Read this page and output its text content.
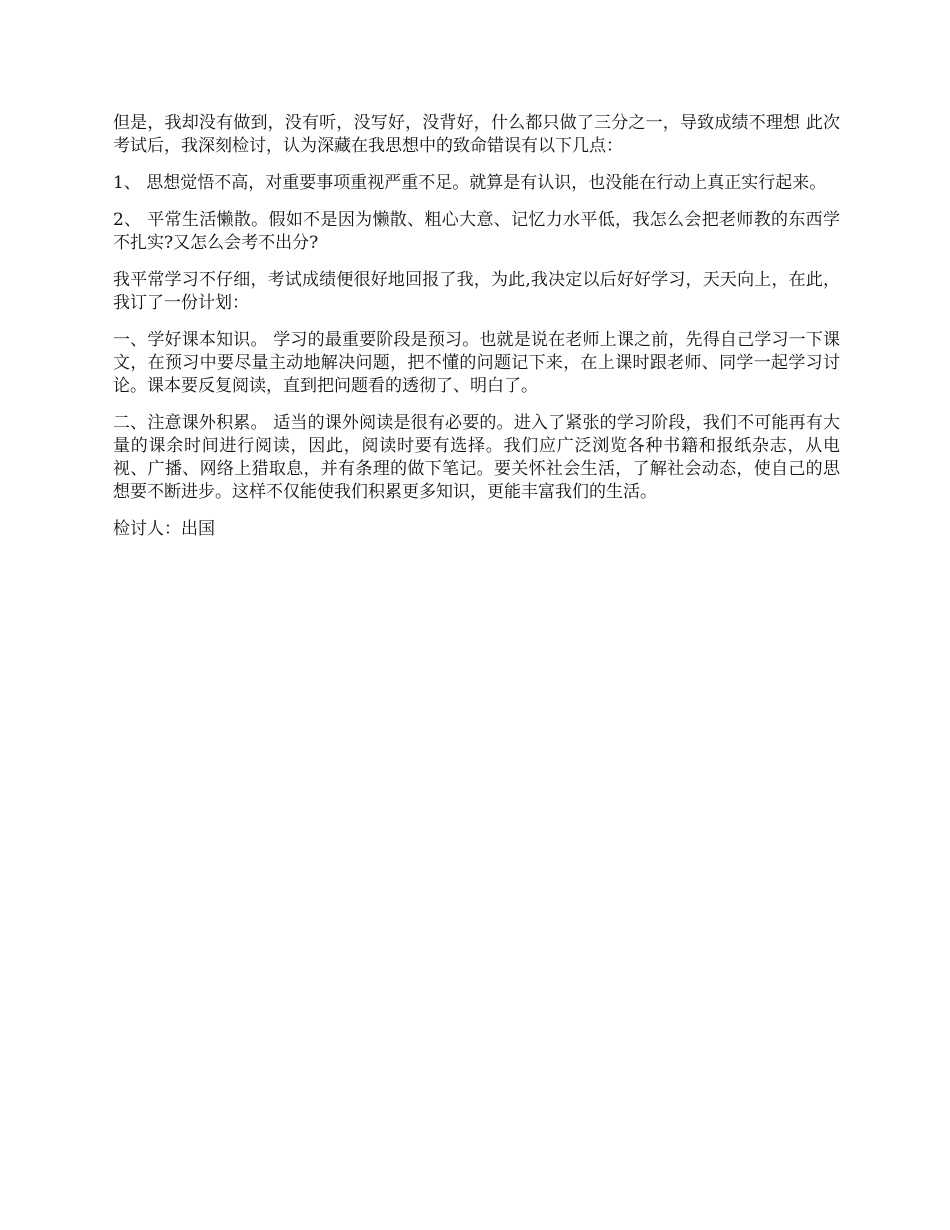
但是，我却没有做到，没有听，没写好，没背好，什么都只做了三分之一，导致成绩不理想 此次考试后，我深刻检讨，认为深藏在我思想中的致命错误有以下几点：

1、 思想觉悟不高，对重要事项重视严重不足。就算是有认识，也没能在行动上真正实行起来。

2、 平常生活懒散。假如不是因为懒散、粗心大意、记忆力水平低，我怎么会把老师教的东西学不扎实?又怎么会考不出分?

我平常学习不仔细，考试成绩便很好地回报了我，为此,我决定以后好好学习，天天向上，在此，我订了一份计划：

一、学好课本知识。 学习的最重要阶段是预习。也就是说在老师上课之前，先得自己学习一下课文，在预习中要尽量主动地解决问题，把不懂的问题记下来，在上课时跟老师、同学一起学习讨论。课本要反复阅读，直到把问题看的透彻了、明白了。

二、注意课外积累。 适当的课外阅读是很有必要的。进入了紧张的学习阶段，我们不可能再有大量的课余时间进行阅读，因此，阅读时要有选择。我们应广泛浏览各种书籍和报纸杂志，从电视、广播、网络上猎取息，并有条理的做下笔记。要关怀社会生活，了解社会动态，使自己的思想要不断进步。这样不仅能使我们积累更多知识，更能丰富我们的生活。

检讨人：出国
